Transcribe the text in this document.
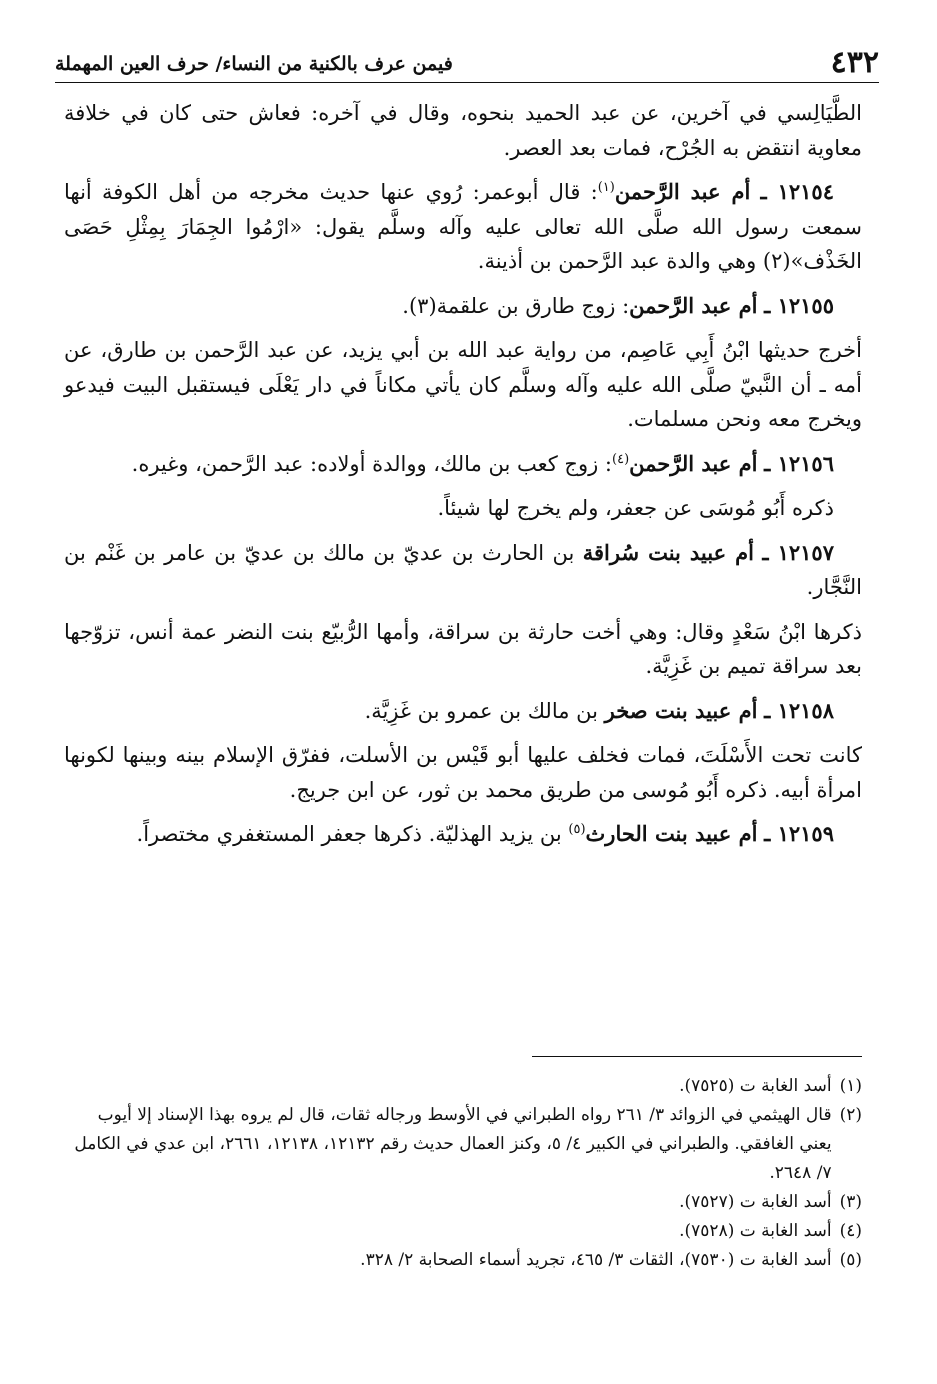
٤٣٢
فيمن عرف بالكنية من النساء/ حرف العين المهملة

الطَّيَالِسي في آخرين، عن عبد الحميد بنحوه، وقال في آخره: فعاش حتى كان في خلافة معاوية انتقض به الجُرْح، فمات بعد العصر.

١٢١٥٤ ـ أم عبد الرَّحمن$^{(١)}$: قال أبوعمر: رُوي عنها حديث مخرجه من أهل الكوفة أنها سمعت رسول الله صلَّى الله تعالى عليه وآله وسلَّم يقول: «ارْمُوا الجِمَارَ بِمِثْلِ حَصَى الخَذْف»(٢) وهي والدة عبد الرَّحمن بن أذينة.

١٢١٥٥ ـ أم عبد الرَّحمن: زوج طارق بن علقمة(٣).

أخرج حديثها ابْنُ أَبِي عَاصِم، من رواية عبد الله بن أبي يزيد، عن عبد الرَّحمن بن طارق، عن أمه ـ أن النَّبيّ صلَّى الله عليه وآله وسلَّم كان يأتي مكاناً في دار يَعْلَى فيستقبل البيت فيدعو ويخرج معه ونحن مسلمات.

١٢١٥٦ ـ أم عبد الرَّحمن$^{(٤)}$: زوج كعب بن مالك، ووالدة أولاده: عبد الرَّحمن، وغيره.

ذكره أَبُو مُوسَى عن جعفر، ولم يخرج لها شيئاً.

١٢١٥٧ ـ أم عبيد بنت سُراقة بن الحارث بن عديّ بن مالك بن عديّ بن عامر بن غَنْم بن النَّجَّار.

ذكرها ابْنُ سَعْدٍ وقال: وهي أخت حارثة بن سراقة، وأمها الرُّبيّع بنت النضر عمة أنس، تزوّجها بعد سراقة تميم بن غَزِيَّة.

١٢١٥٨ ـ أم عبيد بنت صخر بن مالك بن عمرو بن غَزِيَّة.

كانت تحت الأَسْلَتَ، فمات فخلف عليها أبو قَيْس بن الأسلت، ففرّق الإسلام بينه وبينها لكونها امرأة أبيه. ذكره أَبُو مُوسى من طريق محمد بن ثور، عن ابن جريج.

١٢١٥٩ ـ أم عبيد بنت الحارث$^{(٥)}$ بن يزيد الهذليّة. ذكرها جعفر المستغفري مختصراً.

(١)
أسد الغابة ت (٧٥٢٥).
(٢)
قال الهيثمي في الزوائد ٣/ ٢٦١ رواه الطبراني في الأوسط ورجاله ثقات، قال لم يروه بهذا الإسناد إلا أيوب يعني الغافقي. والطبراني في الكبير ٤/ ٥، وكنز العمال حديث رقم ١٢١٣٢، ١٢١٣٨، ٢٦٦١، ابن عدي في الكامل ٧/ ٢٦٤٨.
(٣)
أسد الغابة ت (٧٥٢٧).
(٤)
أسد الغابة ت (٧٥٢٨).
(٥)
أسد الغابة ت (٧٥٣٠)، الثقات ٣/ ٤٦٥، تجريد أسماء الصحابة ٢/ ٣٢٨.
